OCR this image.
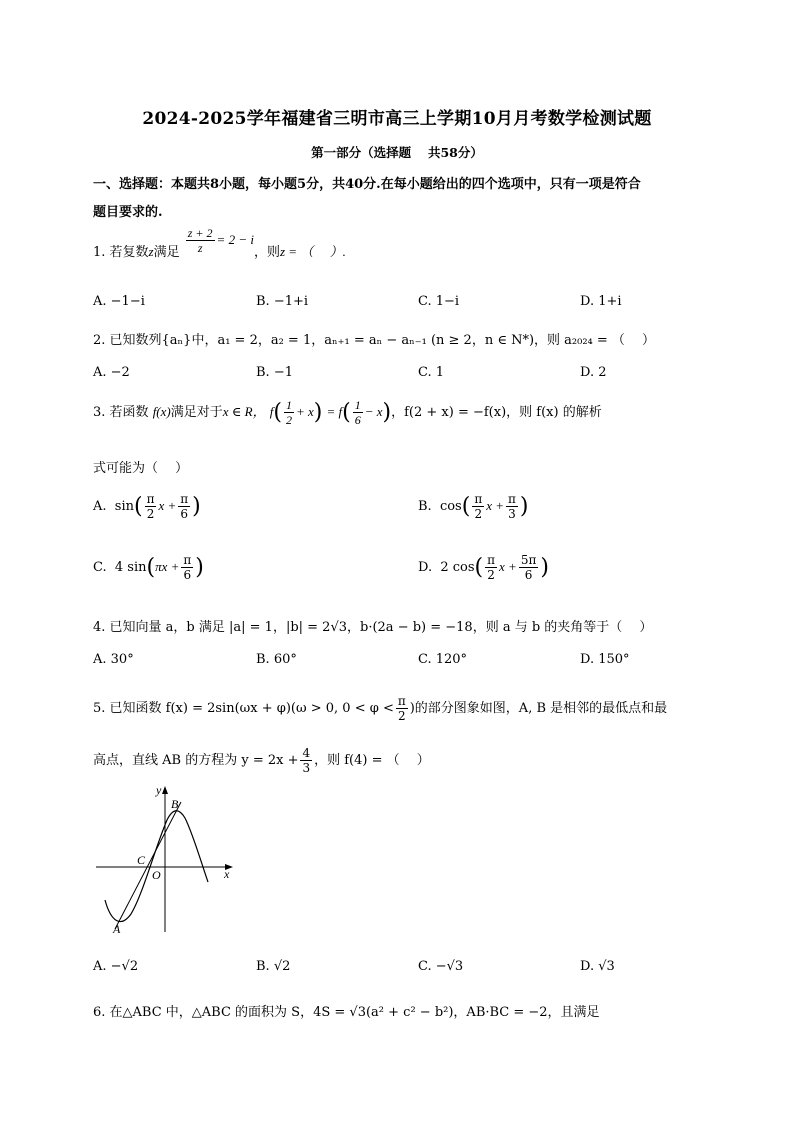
2024-2025学年福建省三明市高三上学期10月月考数学检测试题
第一部分（选择题　 共58分）
一、选择题：本题共8小题，每小题5分，共40分.在每小题给出的四个选项中，只有一项是符合
题目要求的.
1. 若复数z满足 $\frac{z + 2}{z} = 2 - i$，则z = （　 ）.
A. −1−i	B. −1+i	C. 1−i	D. 1+i
2. 已知数列{aₙ}中，a₁ = 2，a₂ = 1，aₙ₊₁ = aₙ − aₙ₋₁ (n ≥ 2，n ∈ N*)，则 a₂₀₂₄ = （　 ）
A. −2	B. −1	C. 1	D. 2
3. 若函数 f(x)满足对于x ∈ R， $f( \frac{1}{2} + x) = f( \frac{1}{6} - x)$，f(2 + x) = −f(x)，则 f(x) 的解析
式可能为（　 ）
A. $\sin( \frac{\pi}{2}$ $x + \frac{\pi}{6}$ )	B. $\cos( \frac{\pi}{2}$ $x + \frac{\pi}{3}$ )
C. 4 $\sin(\pi x + \frac{\pi}{6}$ )	D. 2 $\cos( \frac{\pi}{2}$ $x + \frac{5\pi}{6}$ )
4. 已知向量 a，b 满足 |a| = 1，|b| = 2√3，b·(2a − b) = −18，则 a 与 b 的夹角等于（　 ）
A. 30°	B. 60°	C. 120°	D. 150°
5. 已知函数 f(x) = 2sin(ωx + φ)(ω > 0, $0 < \varphi < \frac{\pi}{2}$ )的部分图象如图，A, B 是相邻的最低点和最
高点，直线 AB 的方程为 $y = 2x + \frac{4}{3}$ ，则 f(4) = （　 ）
y
x
B
C
O
A
A. −√2	B. √2	C. −√3	D. √3
6. 在△ABC 中，△ABC 的面积为 S，4S = √3(a² + c² − b²)，AB·BC = −2，且满足
